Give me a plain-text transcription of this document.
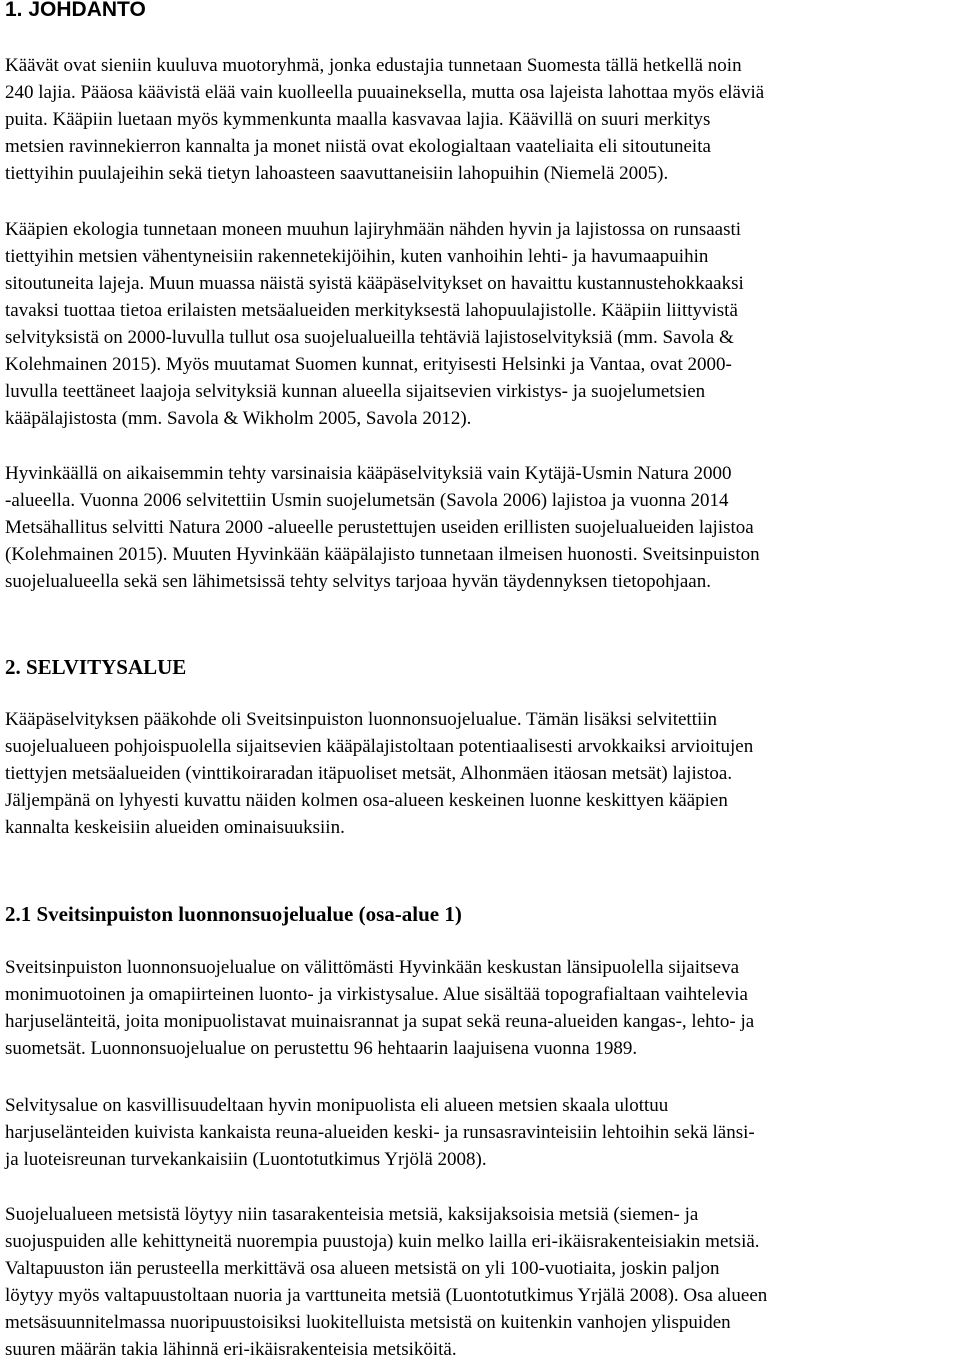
1. JOHDANTO
Käävät ovat sieniin kuuluva muotoryhmä, jonka edustajia tunnetaan Suomesta tällä hetkellä noin
240 lajia. Pääosa käävistä elää vain kuolleella puuaineksella, mutta osa lajeista lahottaa myös eläviä
puita. Kääpiin luetaan myös kymmenkunta maalla kasvavaa lajia. Käävillä on suuri merkitys
metsien ravinnekierron kannalta ja monet niistä ovat ekologialtaan vaateliaita eli sitoutuneita
tiettyihin puulajeihin sekä tietyn lahoasteen saavuttaneisiin lahopuihin (Niemelä 2005).
Kääpien ekologia tunnetaan moneen muuhun lajiryhmään nähden hyvin ja lajistossa on runsaasti
tiettyihin metsien vähentyneisiin rakennetekijöihin, kuten vanhoihin lehti- ja havumaapuihin
sitoutuneita lajeja. Muun muassa näistä syistä kääpäselvitykset on havaittu kustannustehokkaaksi
tavaksi tuottaa tietoa erilaisten metsäalueiden merkityksestä lahopuulajistolle. Kääpiin liittyvistä
selvityksistä on 2000-luvulla tullut osa suojelualueilla tehtäviä lajistoselvityksiä (mm. Savola &
Kolehmainen 2015). Myös muutamat Suomen kunnat, erityisesti Helsinki ja Vantaa, ovat 2000-
luvulla teettäneet laajoja selvityksiä kunnan alueella sijaitsevien virkistys- ja suojelumetsien
kääpälajistosta (mm. Savola & Wikholm 2005, Savola 2012).
Hyvinkäällä on aikaisemmin tehty varsinaisia kääpäselvityksiä vain Kytäjä-Usmin Natura 2000
-alueella. Vuonna 2006 selvitettiin Usmin suojelumetsän (Savola 2006) lajistoa ja vuonna 2014
Metsähallitus selvitti Natura 2000 -alueelle perustettujen useiden erillisten suojelualueiden lajistoa
(Kolehmainen 2015). Muuten Hyvinkään kääpälajisto tunnetaan ilmeisen huonosti. Sveitsinpuiston
suojelualueella sekä sen lähimetsissä tehty selvitys tarjoaa hyvän täydennyksen tietopohjaan.
2. SELVITYSALUE
Kääpäselvityksen pääkohde oli Sveitsinpuiston luonnonsuojelualue. Tämän lisäksi selvitettiin
suojelualueen pohjoispuolella sijaitsevien kääpälajistoltaan potentiaalisesti arvokkaiksi arvioitujen
tiettyjen metsäalueiden (vinttikoiraradan itäpuoliset metsät, Alhonmäen itäosan metsät) lajistoa.
Jäljempänä on lyhyesti kuvattu näiden kolmen osa-alueen keskeinen luonne keskittyen kääpien
kannalta keskeisiin alueiden ominaisuuksiin.
2.1 Sveitsinpuiston luonnonsuojelualue (osa-alue 1)
Sveitsinpuiston luonnonsuojelualue on välittömästi Hyvinkään keskustan länsipuolella sijaitseva
monimuotoinen ja omapiirteinen luonto- ja virkistysalue. Alue sisältää topografialtaan vaihtelevia
harjuselänteitä, joita monipuolistavat muinaisrannat ja supat sekä reuna-alueiden kangas-, lehto- ja
suometsät. Luonnonsuojelualue on perustettu 96 hehtaarin laajuisena vuonna 1989.
Selvitysalue on kasvillisuudeltaan hyvin monipuolista eli alueen metsien skaala ulottuu
harjuselänteiden kuivista kankaista reuna-alueiden keski- ja runsasravinteisiin lehtoihin sekä länsi-
ja luoteisreunan turvekankaisiin (Luontotutkimus Yrjölä 2008).
Suojelualueen metsistä löytyy niin tasarakenteisia metsiä, kaksijaksoisia metsiä (siemen- ja
suojuspuiden alle kehittyneitä nuorempia puustoja) kuin melko lailla eri-ikäisrakenteisiakin metsiä.
Valtapuuston iän perusteella merkittävä osa alueen metsistä on yli 100-vuotiaita, joskin paljon
löytyy myös valtapuustoltaan nuoria ja varttuneita metsiä (Luontotutkimus Yrjälä 2008). Osa alueen
metsäsuunnitelmassa nuoripuustoisiksi luokitelluista metsistä on kuitenkin vanhojen ylispuiden
suuren määrän takia lähinnä eri-ikäisrakenteisia metsiköitä.
